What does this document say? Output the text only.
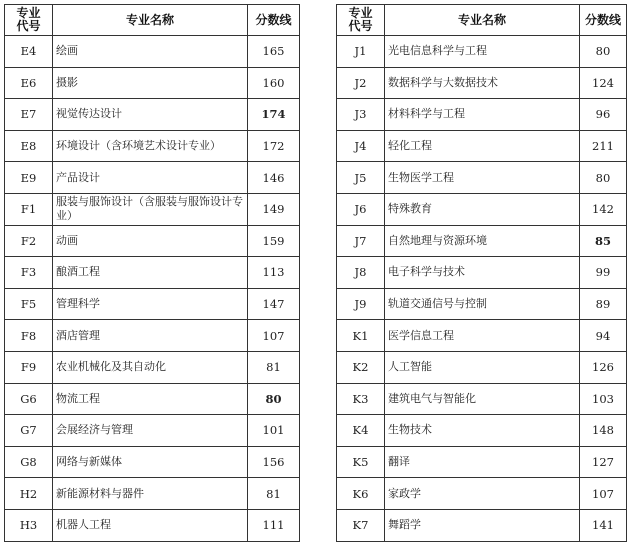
专业代号	专业名称	分数线
E4	绘画	165
E6	摄影	160
E7	视觉传达设计	174
E8	环境设计（含环境艺术设计专业）	172
E9	产品设计	146
F1	服装与服饰设计（含服装与服饰设计专业）	149
F2	动画	159
F3	酿酒工程	113
F5	管理科学	147
F8	酒店管理	107
F9	农业机械化及其自动化	81
G6	物流工程	80
G7	会展经济与管理	101
G8	网络与新媒体	156
H2	新能源材料与器件	81
H3	机器人工程	111
专业代号	专业名称	分数线
J1	光电信息科学与工程	80
J2	数据科学与大数据技术	124
J3	材料科学与工程	96
J4	轻化工程	211
J5	生物医学工程	80
J6	特殊教育	142
J7	自然地理与资源环境	85
J8	电子科学与技术	99
J9	轨道交通信号与控制	89
K1	医学信息工程	94
K2	人工智能	126
K3	建筑电气与智能化	103
K4	生物技术	148
K5	翻译	127
K6	家政学	107
K7	舞蹈学	141
